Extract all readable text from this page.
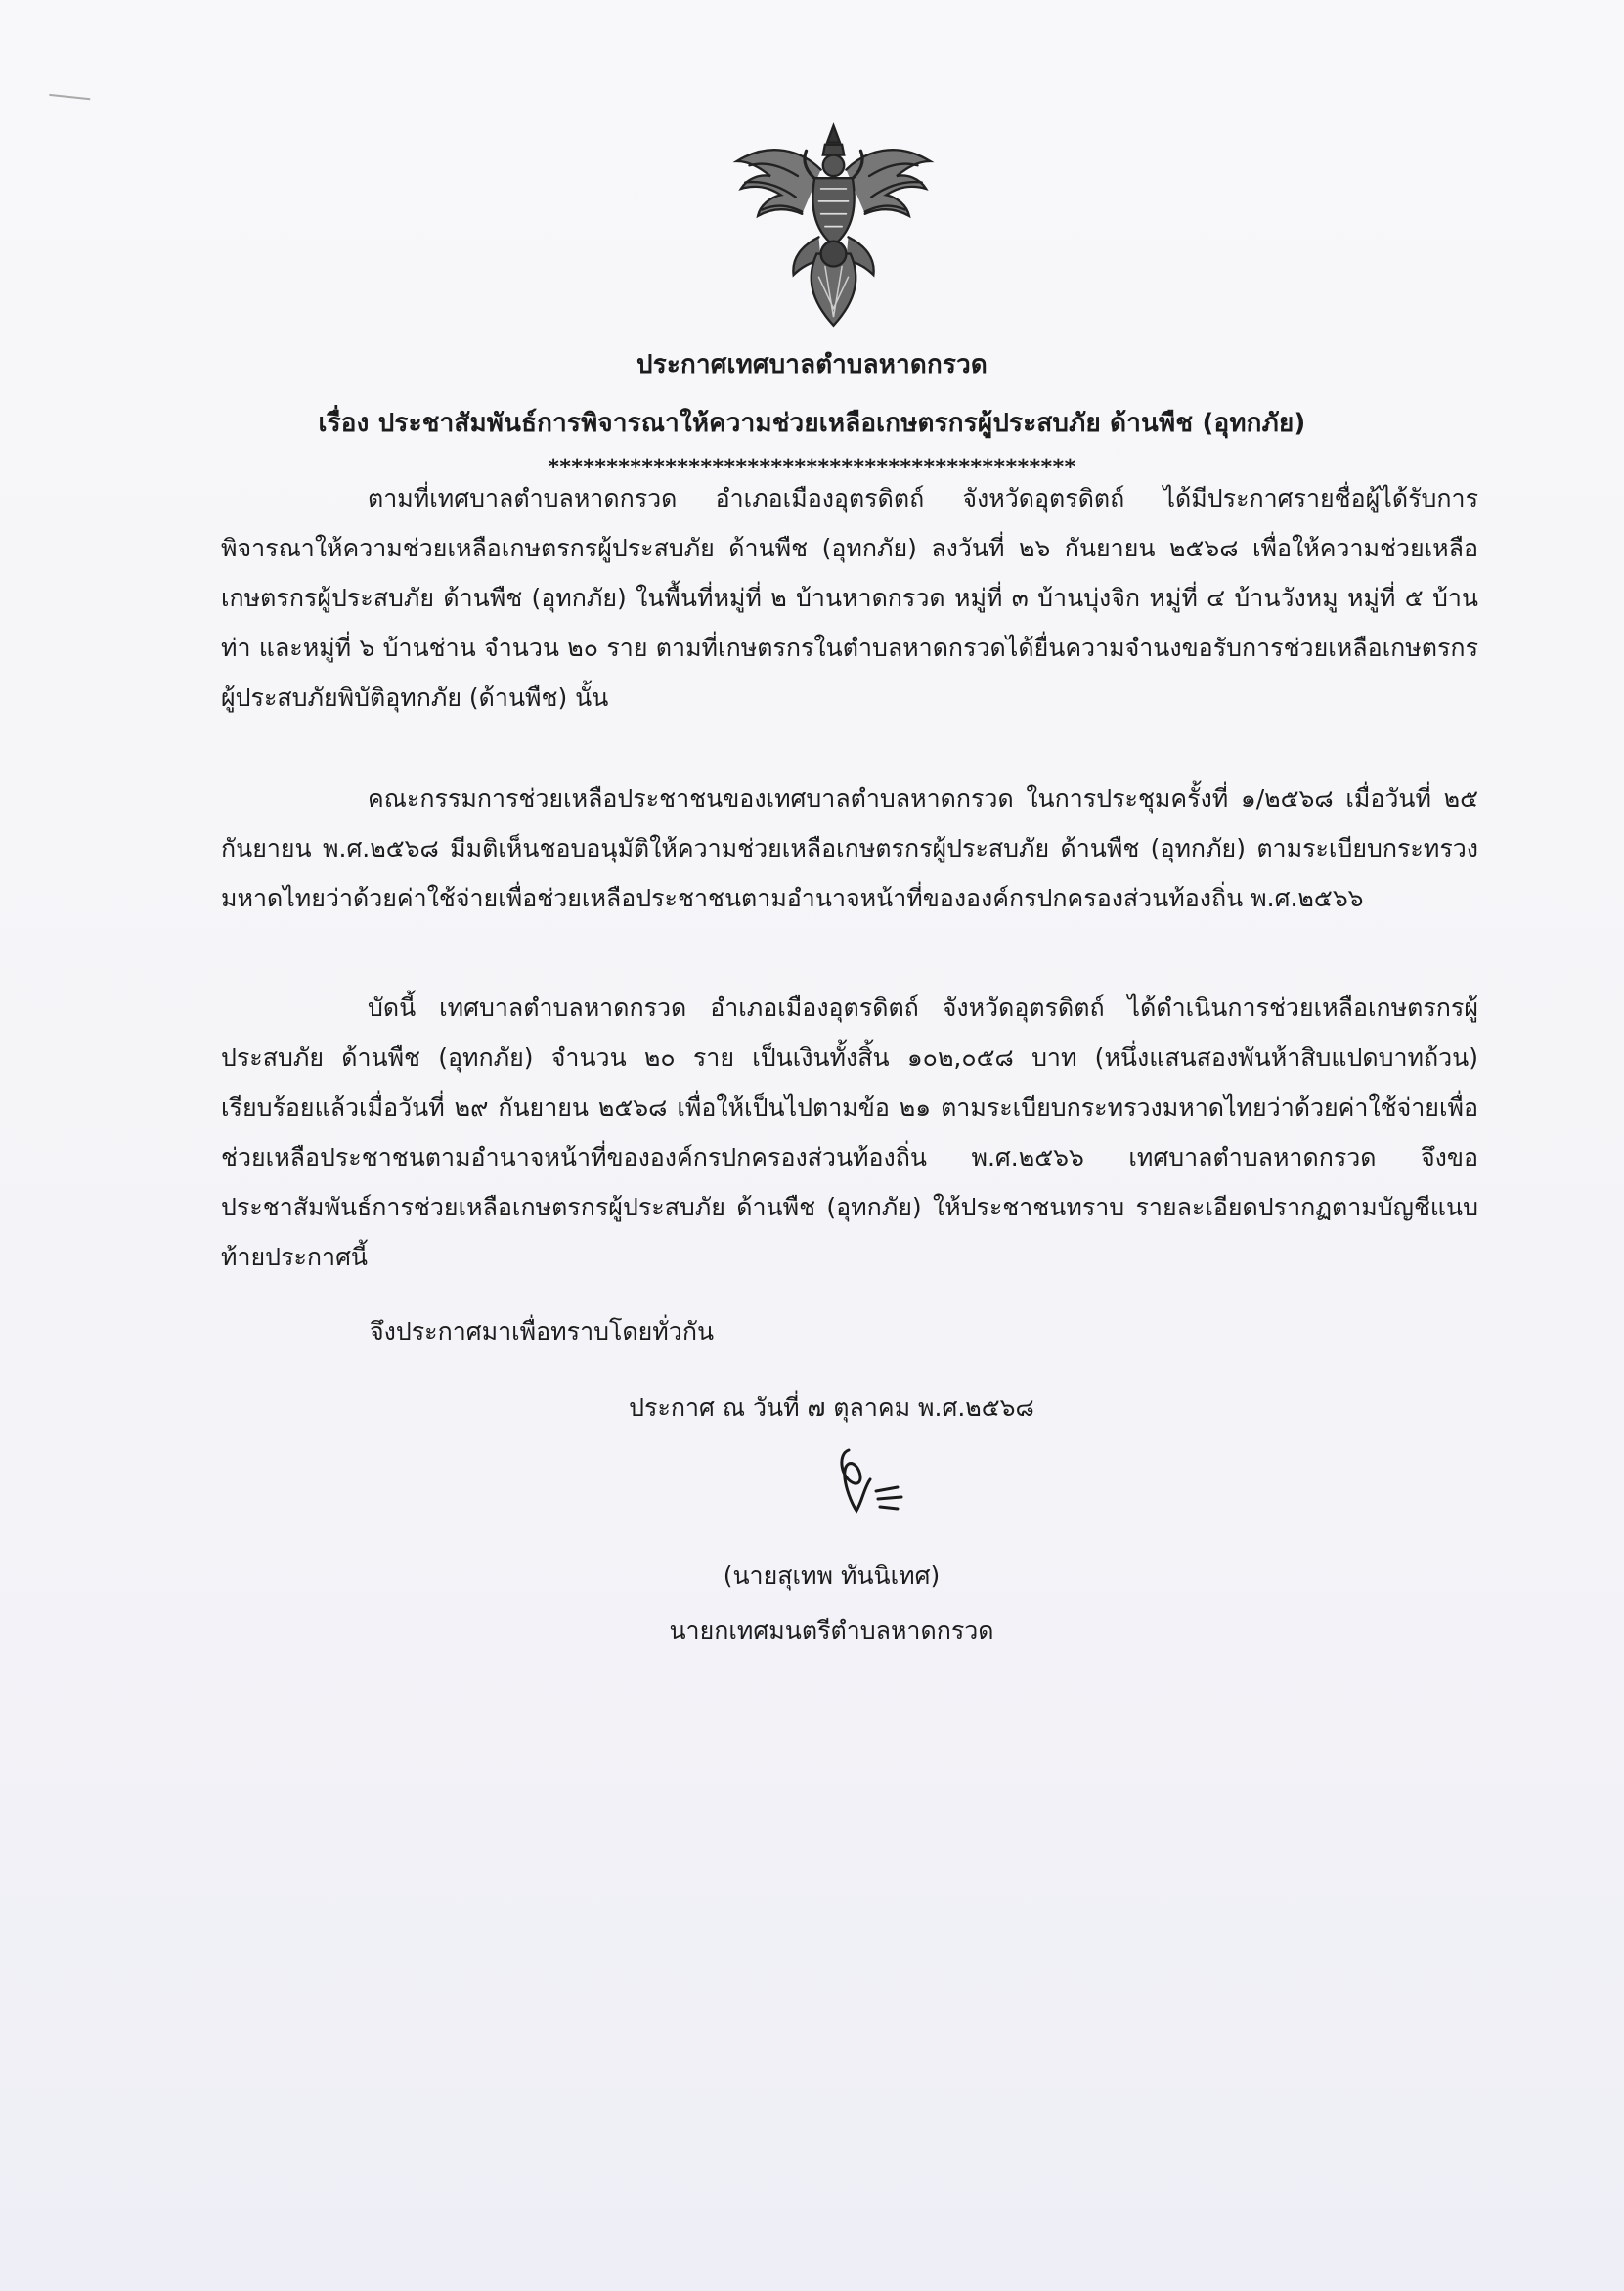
ประกาศเทศบาลตำบลหาดกรวด
เรื่อง ประชาสัมพันธ์การพิจารณาให้ความช่วยเหลือเกษตรกรผู้ประสบภัย ด้านพืช (อุทกภัย)
*********************************************

ตามที่เทศบาลตำบลหาดกรวด อำเภอเมืองอุตรดิตถ์ จังหวัดอุตรดิตถ์ ได้มีประกาศรายชื่อผู้ได้รับการพิจารณาให้ความช่วยเหลือเกษตรกรผู้ประสบภัย ด้านพืช (อุทกภัย) ลงวันที่ ๒๖ กันยายน ๒๕๖๘ เพื่อให้ความช่วยเหลือเกษตรกรผู้ประสบภัย ด้านพืช (อุทกภัย) ในพื้นที่หมู่ที่ ๒ บ้านหาดกรวด หมู่ที่ ๓ บ้านบุ่งจิก หมู่ที่ ๔ บ้านวังหมู หมู่ที่ ๕ บ้านท่า และหมู่ที่ ๖ บ้านช่าน จำนวน ๒๐ ราย ตามที่เกษตรกรในตำบลหาดกรวดได้ยื่นความจำนงขอรับการช่วยเหลือเกษตรกรผู้ประสบภัยพิบัติอุทกภัย (ด้านพืช) นั้น

คณะกรรมการช่วยเหลือประชาชนของเทศบาลตำบลหาดกรวด ในการประชุมครั้งที่ ๑/๒๕๖๘ เมื่อวันที่ ๒๕ กันยายน พ.ศ.๒๕๖๘ มีมติเห็นชอบอนุมัติให้ความช่วยเหลือเกษตรกรผู้ประสบภัย ด้านพืช (อุทกภัย) ตามระเบียบกระทรวงมหาดไทยว่าด้วยค่าใช้จ่ายเพื่อช่วยเหลือประชาชนตามอำนาจหน้าที่ขององค์กรปกครองส่วนท้องถิ่น พ.ศ.๒๕๖๖

บัดนี้ เทศบาลตำบลหาดกรวด อำเภอเมืองอุตรดิตถ์ จังหวัดอุตรดิตถ์ ได้ดำเนินการช่วยเหลือเกษตรกรผู้ประสบภัย ด้านพืช (อุทกภัย) จำนวน ๒๐ ราย เป็นเงินทั้งสิ้น ๑๐๒,๐๕๘ บาท (หนึ่งแสนสองพันห้าสิบแปดบาทถ้วน) เรียบร้อยแล้วเมื่อวันที่ ๒๙ กันยายน ๒๕๖๘ เพื่อให้เป็นไปตามข้อ ๒๑ ตามระเบียบกระทรวงมหาดไทยว่าด้วยค่าใช้จ่ายเพื่อช่วยเหลือประชาชนตามอำนาจหน้าที่ขององค์กรปกครองส่วนท้องถิ่น พ.ศ.๒๕๖๖ เทศบาลตำบลหาดกรวด จึงขอประชาสัมพันธ์การช่วยเหลือเกษตรกรผู้ประสบภัย ด้านพืช (อุทกภัย) ให้ประชาชนทราบ รายละเอียดปรากฏตามบัญชีแนบท้ายประกาศนี้

จึงประกาศมาเพื่อทราบโดยทั่วกัน
ประกาศ ณ วันที่ ๗ ตุลาคม พ.ศ.๒๕๖๘
(นายสุเทพ ทันนิเทศ)
นายกเทศมนตรีตำบลหาดกรวด
